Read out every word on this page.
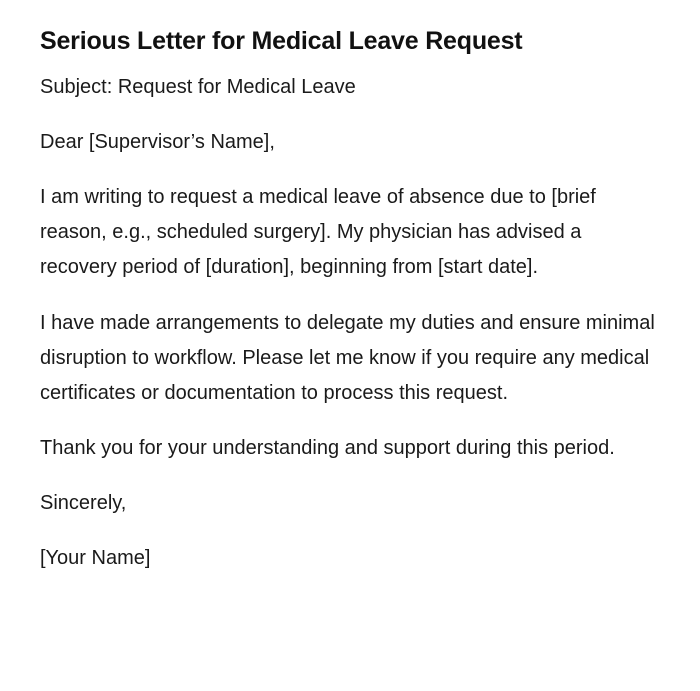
Serious Letter for Medical Leave Request

Subject: Request for Medical Leave

Dear [Supervisor’s Name],

I am writing to request a medical leave of absence due to [brief reason, e.g., scheduled surgery]. My physician has advised a recovery period of [duration], beginning from [start date].

I have made arrangements to delegate my duties and ensure minimal disruption to workflow. Please let me know if you require any medical certificates or documentation to process this request.

Thank you for your understanding and support during this period.

Sincerely,

[Your Name]
